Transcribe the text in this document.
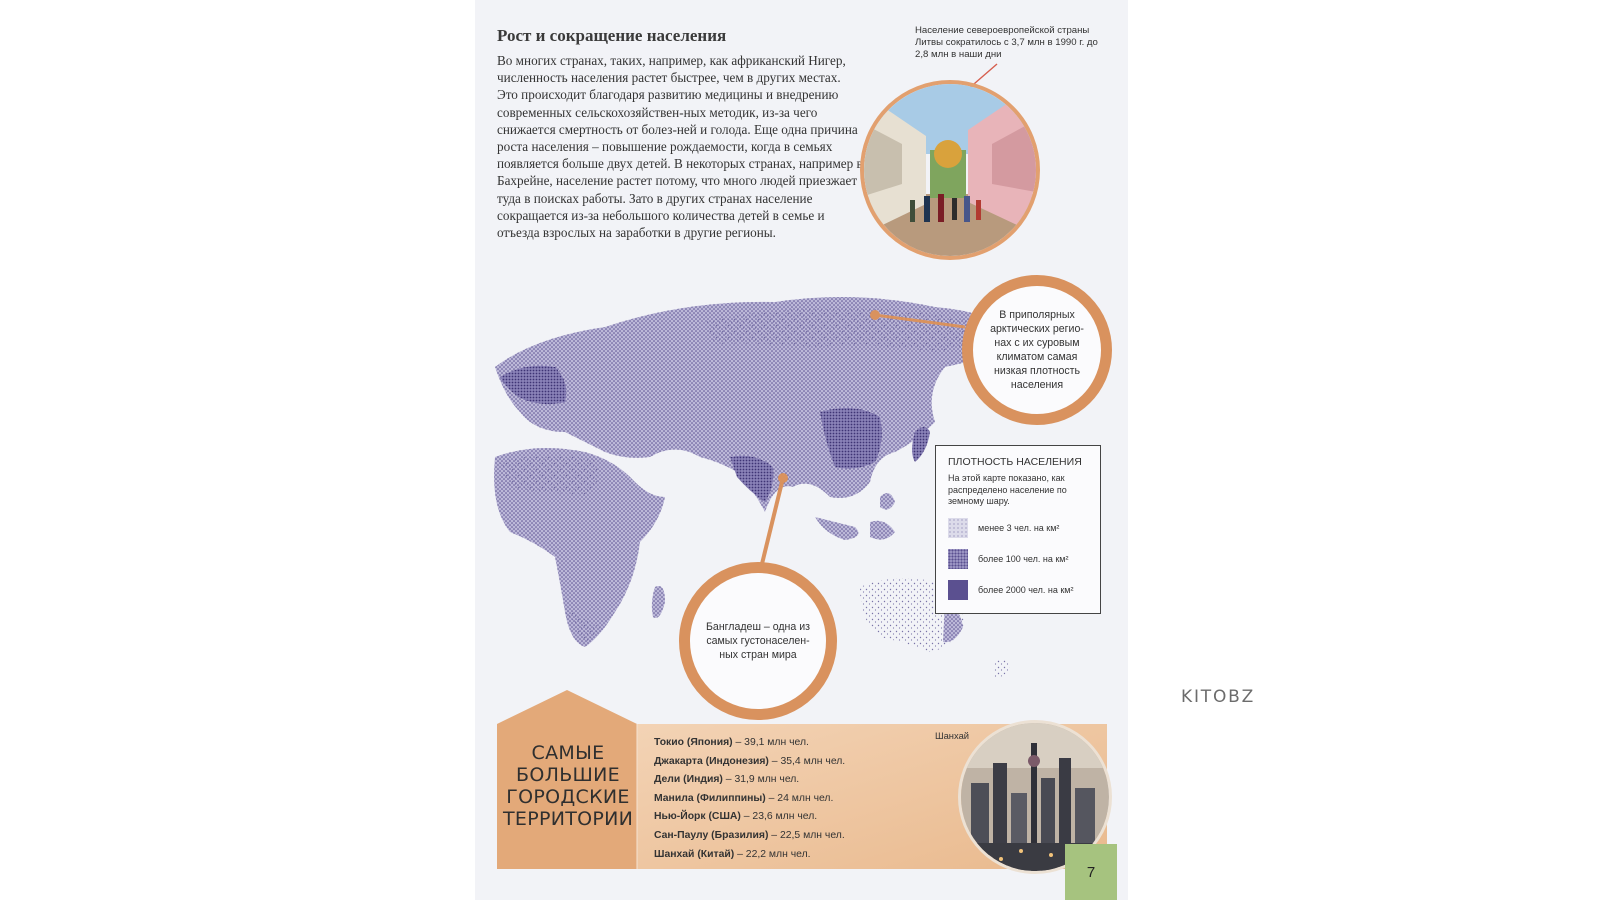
Рост и сокращение населения

Во многих странах, таких, например, как африканский Нигер, численность населения растет быстрее, чем в других местах. Это происходит благодаря развитию медицины и внедрению современных сельскохозяйствен-ных методик, из-за чего снижается смертность от болез-ней и голода. Еще одна причина роста населения – повышение рождаемости, когда в семьях появляется больше двух детей. В некоторых странах, например в Бахрейне, население растет потому, что много людей приезжает туда в поисках работы. Зато в других странах население сокращается из-за небольшого количества детей в семье и отъезда взрослых на заработки в другие регионы.

Население североевропейской страны Литвы сократилось с 3,7 млн в 1990 г. до 2,8 млн в наши дни

В приполярных арктических регио-нах с их суровым климатом самая низкая плотность населения
Бангладеш – одна из самых густонаселен-ных стран мира
ПЛОТНОСТЬ НАСЕЛЕНИЯ
На этой карте показано, как распределено население по земному шару.
менее 3 чел. на км²
более 100 чел. на км²
более 2000 чел. на км²
САМЫЕ БОЛЬШИЕ ГОРОДСКИЕ ТЕРРИТОРИИ
Токио (Япония) – 39,1 млн чел.
Джакарта (Индонезия) – 35,4 млн чел.
Дели (Индия) – 31,9 млн чел.
Манила (Филиппины) – 24 млн чел.
Нью-Йорк (США) – 23,6 млн чел.
Сан-Паулу (Бразилия) – 22,5 млн чел.
Шанхай (Китай) – 22,2 млн чел.
Шанхай
7
KITOBZ
